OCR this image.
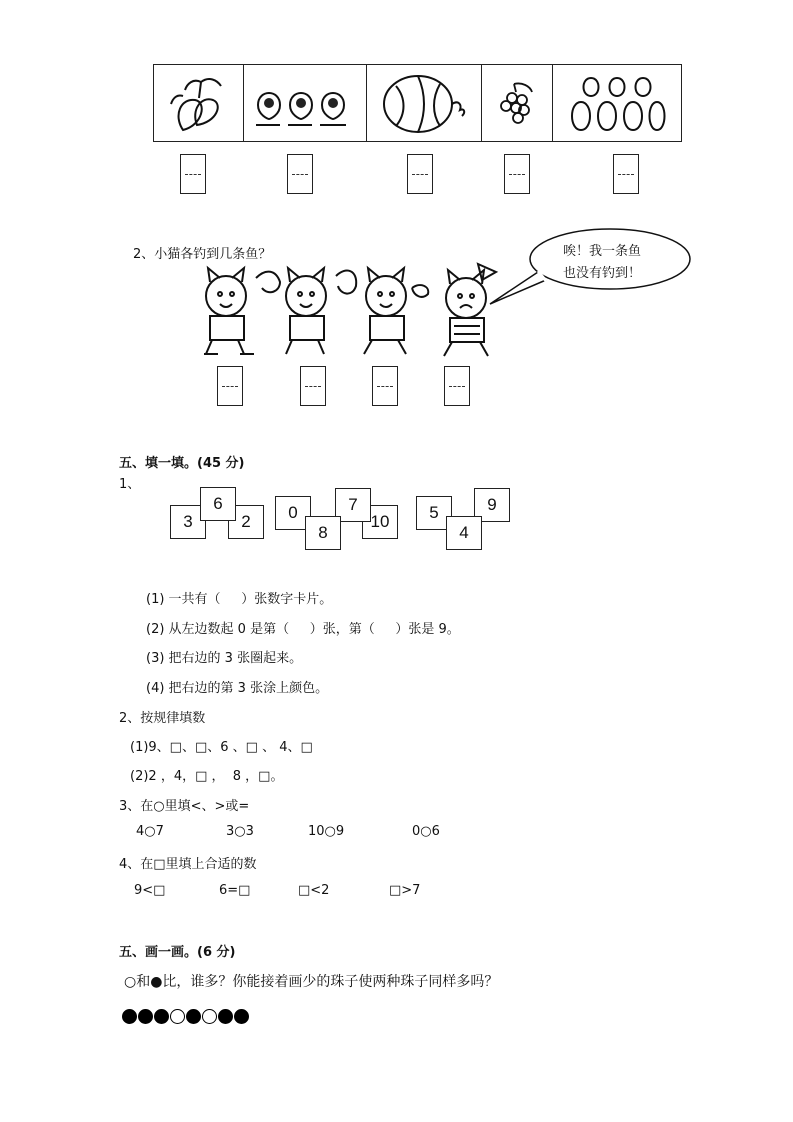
2、小猫各钓到几条鱼？	唉！我一条鱼
也没有钓到！
五、填一填。(45 分)
1、
3	2
6	0	10
7
8
5	9
4
(1) 一共有（     ）张数字卡片。
(2) 从左边数起 0 是第（     ）张，第（     ）张是 9。
(3) 把右边的 3 张圈起来。
(4) 把右边的第 3 张涂上颜色。
2、按规律填数
(1)9、□、□、6 、□ 、 4、□
(2)2 ，4，□ ，  8 ，□。
3、在○里填<、>或=
4○7	3○3	10○9	0○6
4、在□里填上合适的数
9<□	6=□	□<2	□>7
五、画一画。(6 分)
○和●比，谁多？你能接着画少的珠子使两种珠子同样多吗？
